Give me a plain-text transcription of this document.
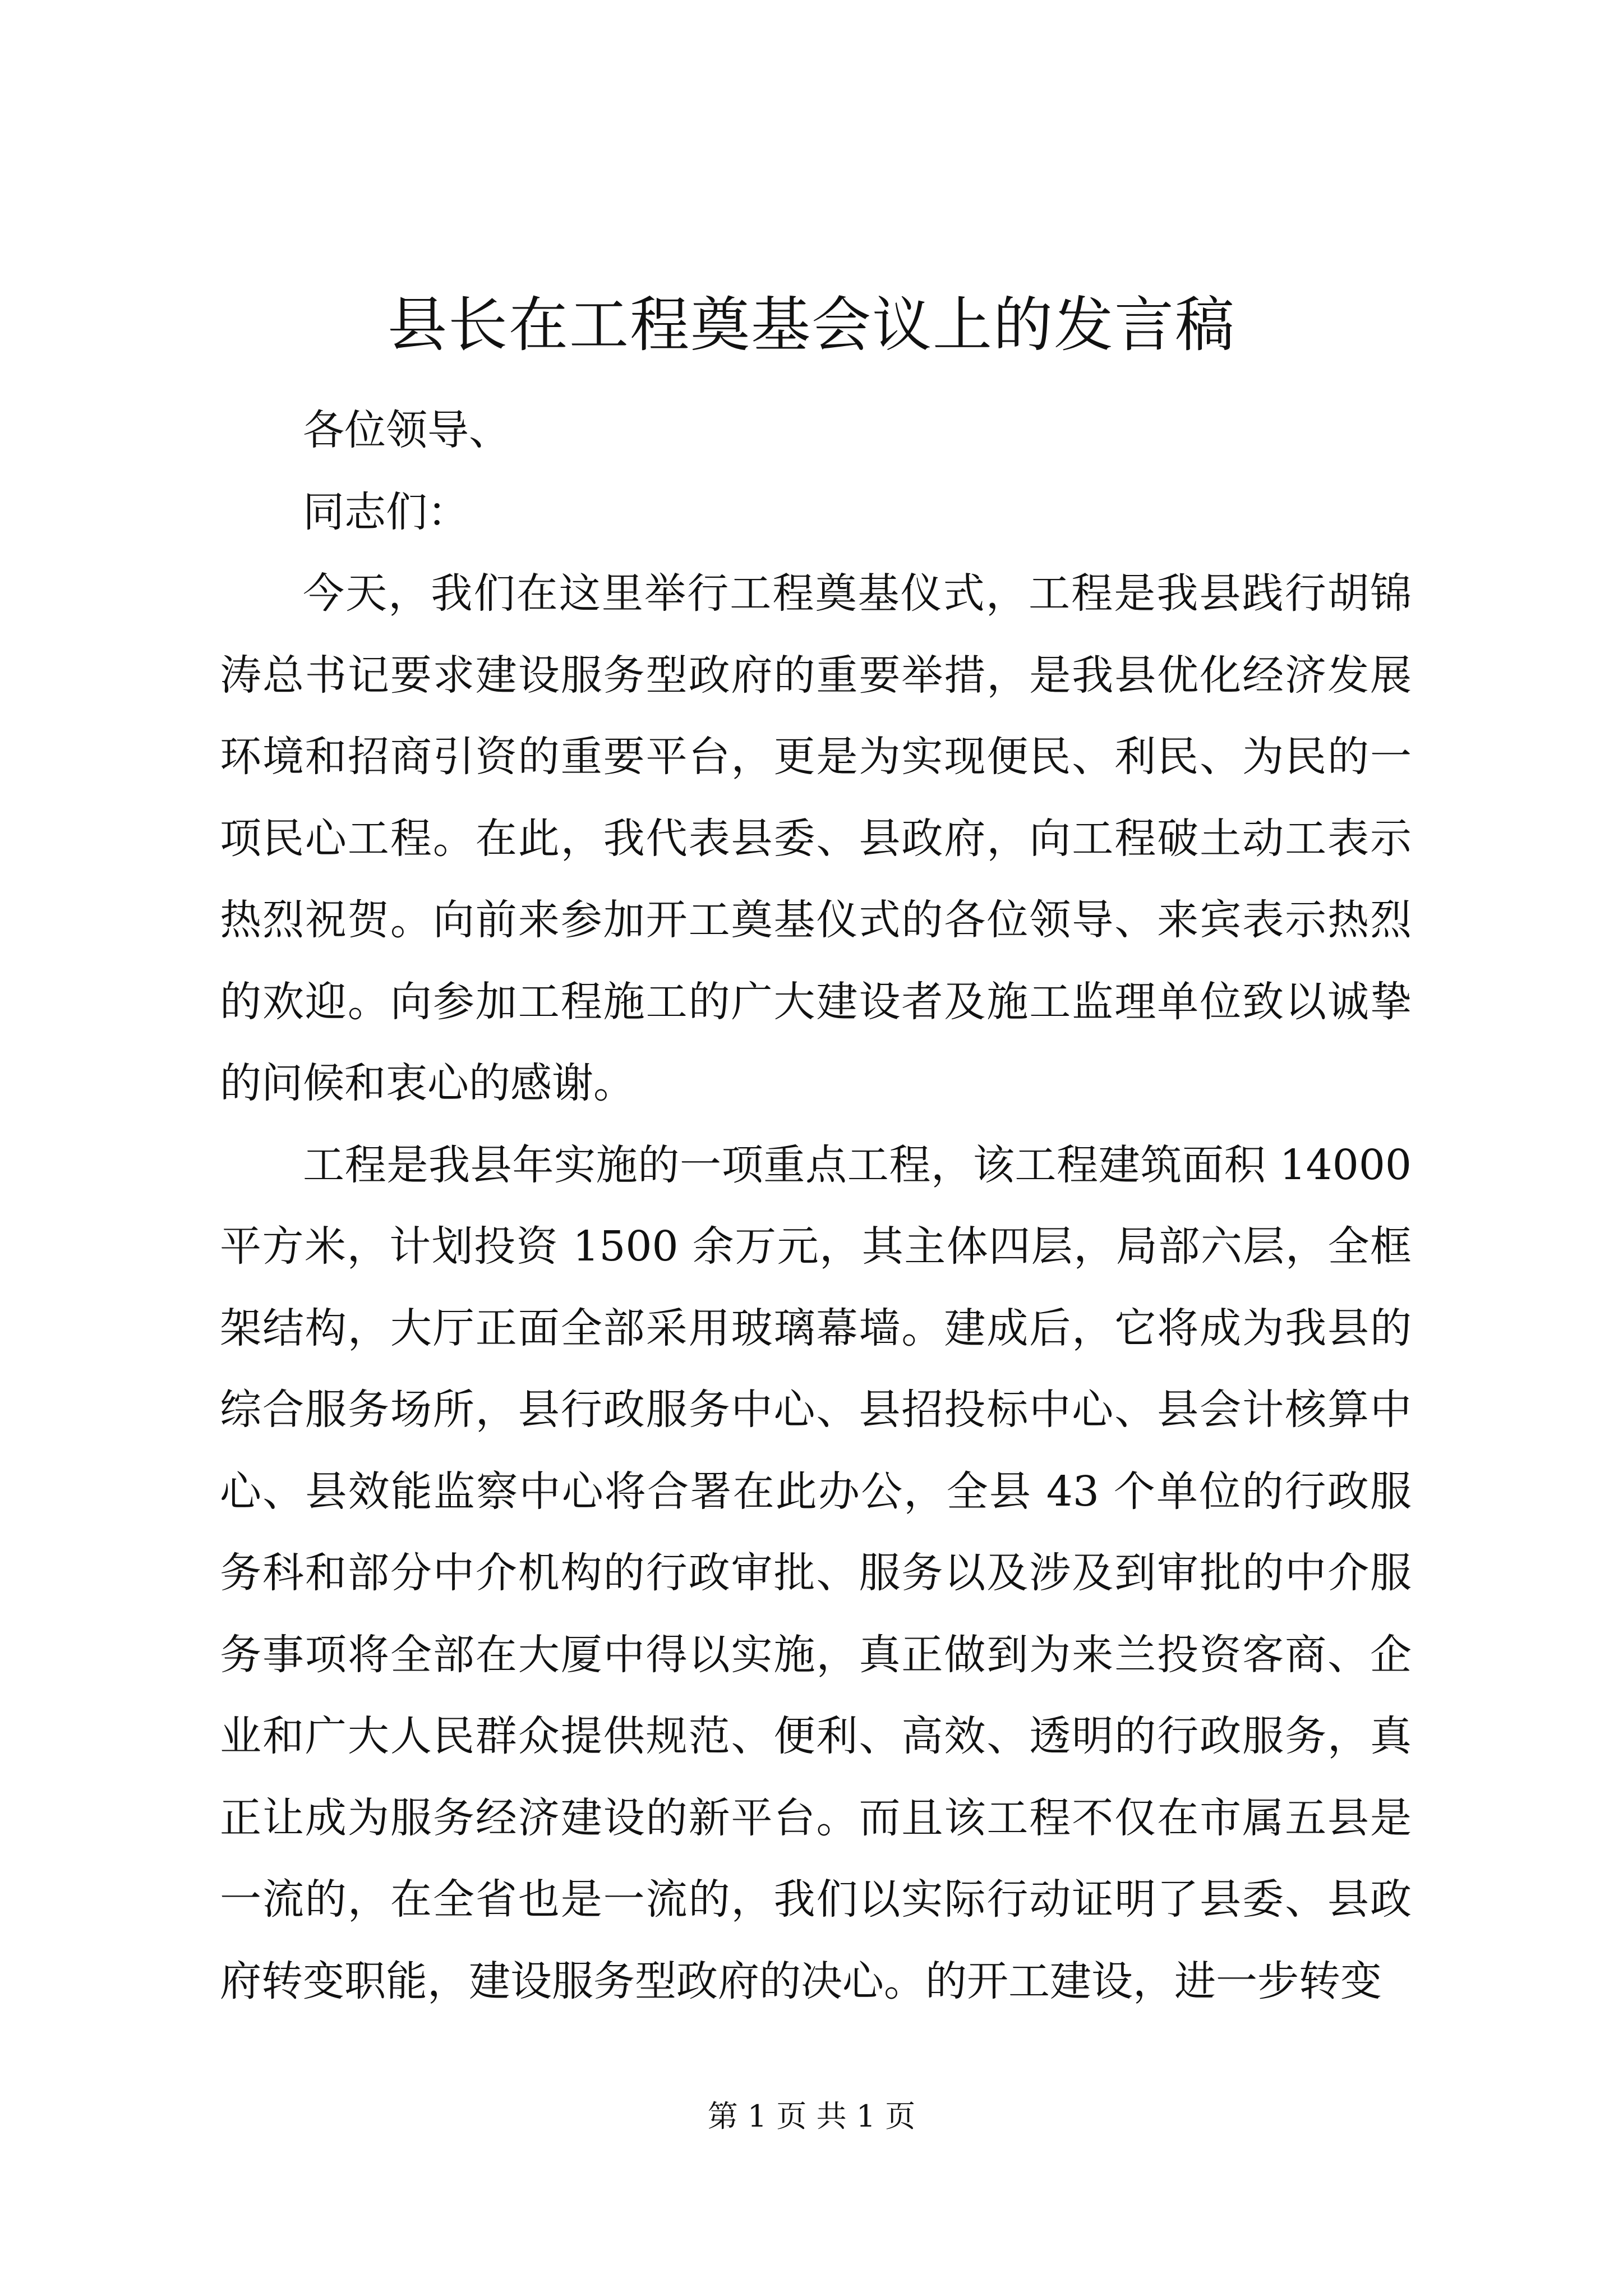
县长在工程奠基会议上的发言稿

各位领导、

同志们：

今天，我们在这里举行工程奠基仪式，工程是我县践行胡锦涛总书记要求建设服务型政府的重要举措，是我县优化经济发展环境和招商引资的重要平台，更是为实现便民、利民、为民的一项民心工程。在此，我代表县委、县政府，向工程破土动工表示热烈祝贺。向前来参加开工奠基仪式的各位领导、来宾表示热烈的欢迎。向参加工程施工的广大建设者及施工监理单位致以诚挚的问候和衷心的感谢。

工程是我县年实施的一项重点工程，该工程建筑面积 14000 平方米，计划投资 1500 余万元，其主体四层，局部六层，全框架结构，大厅正面全部采用玻璃幕墙。建成后，它将成为我县的综合服务场所，县行政服务中心、县招投标中心、县会计核算中心、县效能监察中心将合署在此办公，全县 43 个单位的行政服务科和部分中介机构的行政审批、服务以及涉及到审批的中介服务事项将全部在大厦中得以实施，真正做到为来兰投资客商、企业和广大人民群众提供规范、便利、高效、透明的行政服务，真正让成为服务经济建设的新平台。而且该工程不仅在市属五县是一流的，在全省也是一流的，我们以实际行动证明了县委、县政府转变职能，建设服务型政府的决心。的开工建设，进一步转变

第 1 页 共 1 页
